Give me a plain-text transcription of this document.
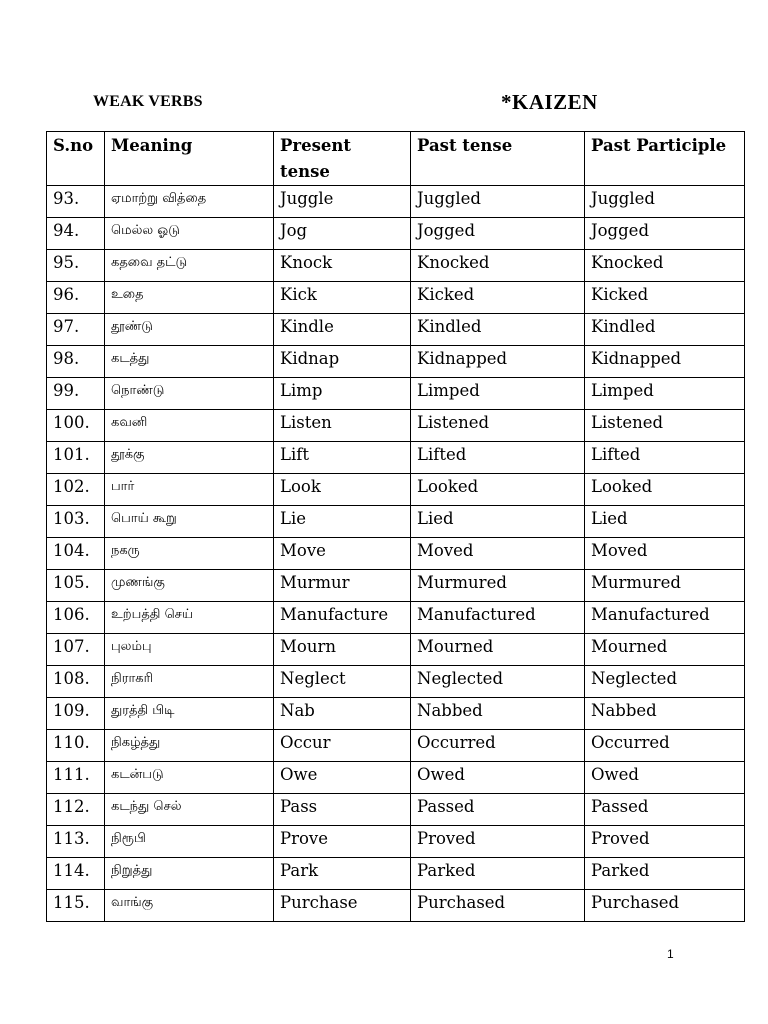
WEAK VERBS	*KAIZEN
S.no	Meaning	Present tense	Past tense	Past Participle
93.	ஏமாற்று வித்தை	Juggle	Juggled	Juggled
94.	மெல்ல ஓடு	Jog	Jogged	Jogged
95.	கதவை தட்டு	Knock	Knocked	Knocked
96.	உதை	Kick	Kicked	Kicked
97.	தூண்டு	Kindle	Kindled	Kindled
98.	கடத்து	Kidnap	Kidnapped	Kidnapped
99.	நொண்டு	Limp	Limped	Limped
100.	கவனி	Listen	Listened	Listened
101.	தூக்கு	Lift	Lifted	Lifted
102.	பார்	Look	Looked	Looked
103.	பொய் கூறு	Lie	Lied	Lied
104.	நகரு	Move	Moved	Moved
105.	முணங்கு	Murmur	Murmured	Murmured
106.	உற்பத்தி செய்	Manufacture	Manufactured	Manufactured
107.	புலம்பு	Mourn	Mourned	Mourned
108.	நிராகரி	Neglect	Neglected	Neglected
109.	துரத்தி பிடி	Nab	Nabbed	Nabbed
110.	நிகழ்த்து	Occur	Occurred	Occurred
111.	கடன்படு	Owe	Owed	Owed
112.	கடந்து செல்	Pass	Passed	Passed
113.	நிரூபி	Prove	Proved	Proved
114.	நிறுத்து	Park	Parked	Parked
115.	வாங்கு	Purchase	Purchased	Purchased
1
